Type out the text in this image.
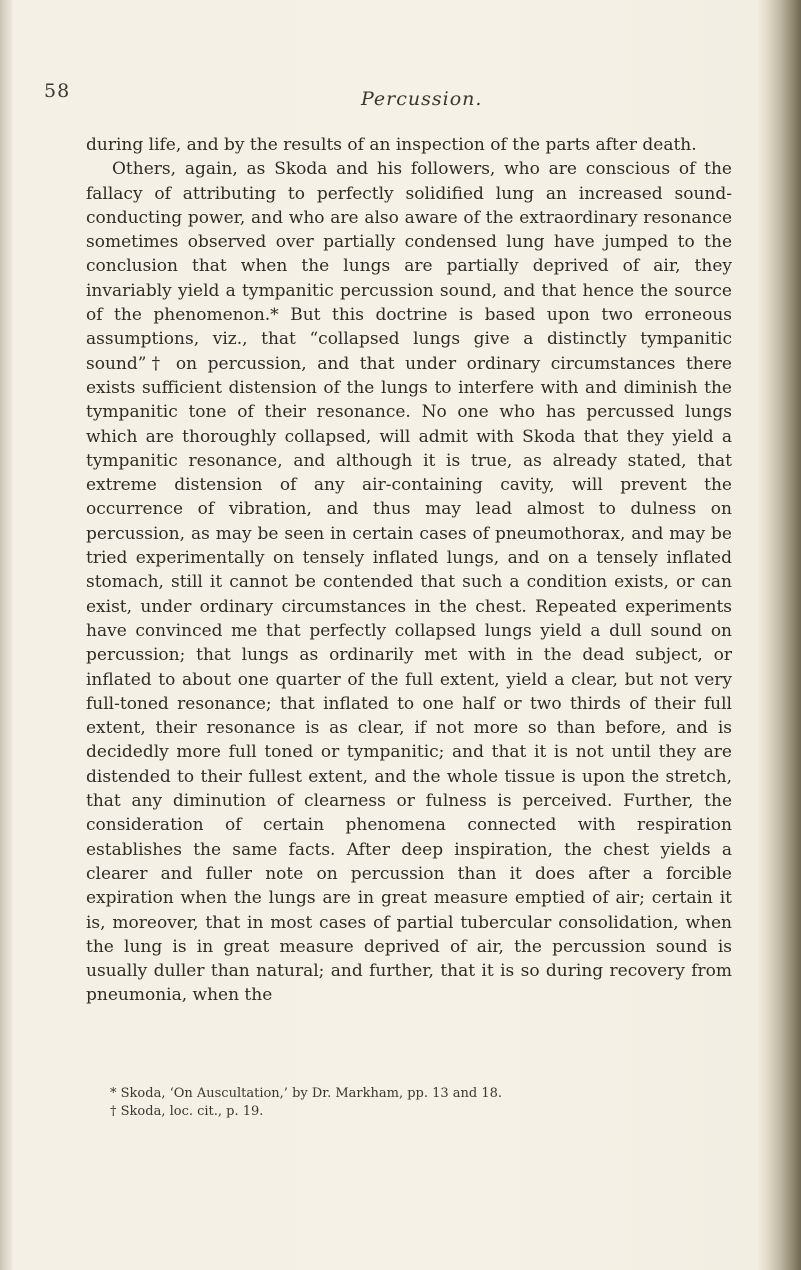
58	Percussion.

during life, and by the results of an inspection of the parts after death.

Others, again, as Skoda and his followers, who are conscious of the fallacy of attributing to perfectly solidified lung an increased sound-conducting power, and who are also aware of the extraordinary resonance sometimes observed over partially condensed lung have jumped to the conclusion that when the lungs are partially deprived of air, they invariably yield a tympanitic percussion sound, and that hence the source of the phenomenon.* But this doctrine is based upon two erroneous assumptions, viz., that “collapsed lungs give a distinctly tympanitic sound”† on percussion, and that under ordinary circumstances there exists sufficient distension of the lungs to interfere with and diminish the tympanitic tone of their resonance. No one who has percussed lungs which are thoroughly collapsed, will admit with Skoda that they yield a tympanitic resonance, and although it is true, as already stated, that extreme distension of any air-containing cavity, will prevent the occurrence of vibration, and thus may lead almost to dulness on percussion, as may be seen in certain cases of pneumothorax, and may be tried experimentally on tensely inflated lungs, and on a tensely inflated stomach, still it cannot be contended that such a condition exists, or can exist, under ordinary circumstances in the chest. Repeated experiments have convinced me that perfectly collapsed lungs yield a dull sound on percussion; that lungs as ordinarily met with in the dead subject, or inflated to about one quarter of the full extent, yield a clear, but not very full-toned resonance; that inflated to one half or two thirds of their full extent, their resonance is as clear, if not more so than before, and is decidedly more full toned or tympanitic; and that it is not until they are distended to their fullest extent, and the whole tissue is upon the stretch, that any diminution of clearness or fulness is perceived. Further, the consideration of certain phenomena connected with respiration establishes the same facts. After deep inspiration, the chest yields a clearer and fuller note on percussion than it does after a forcible expiration when the lungs are in great measure emptied of air; certain it is, moreover, that in most cases of partial tubercular consolidation, when the lung is in great measure deprived of air, the percussion sound is usually duller than natural; and further, that it is so during recovery from pneumonia, when the

* Skoda, ‘On Auscultation,’ by Dr. Markham, pp. 13 and 18.

† Skoda, loc. cit., p. 19.
